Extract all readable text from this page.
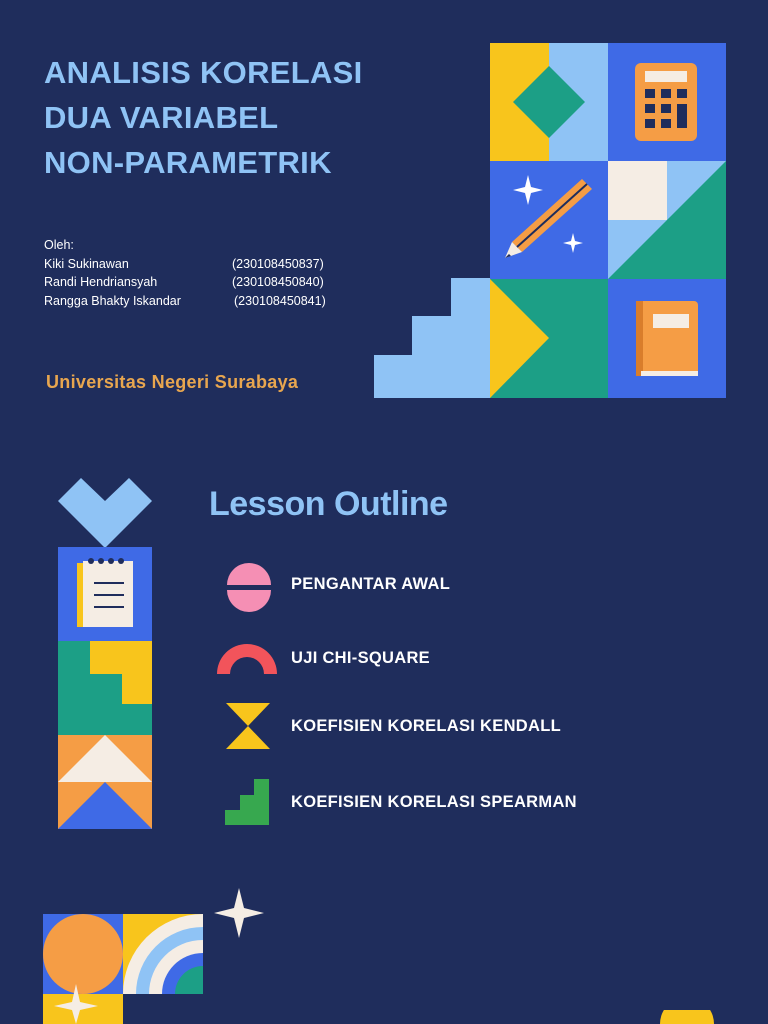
ANALISIS KORELASI
DUA VARIABEL
NON-PARAMETRIK
Oleh:
Kiki Sukinawan	(230108450837)
Randi Hendriansyah	(230108450840)
Rangga Bhakty Iskandar	(230108450841)
Universitas Negeri Surabaya
Lesson Outline
PENGANTAR AWAL
UJI CHI-SQUARE
KOEFISIEN KORELASI KENDALL
KOEFISIEN KORELASI SPEARMAN
